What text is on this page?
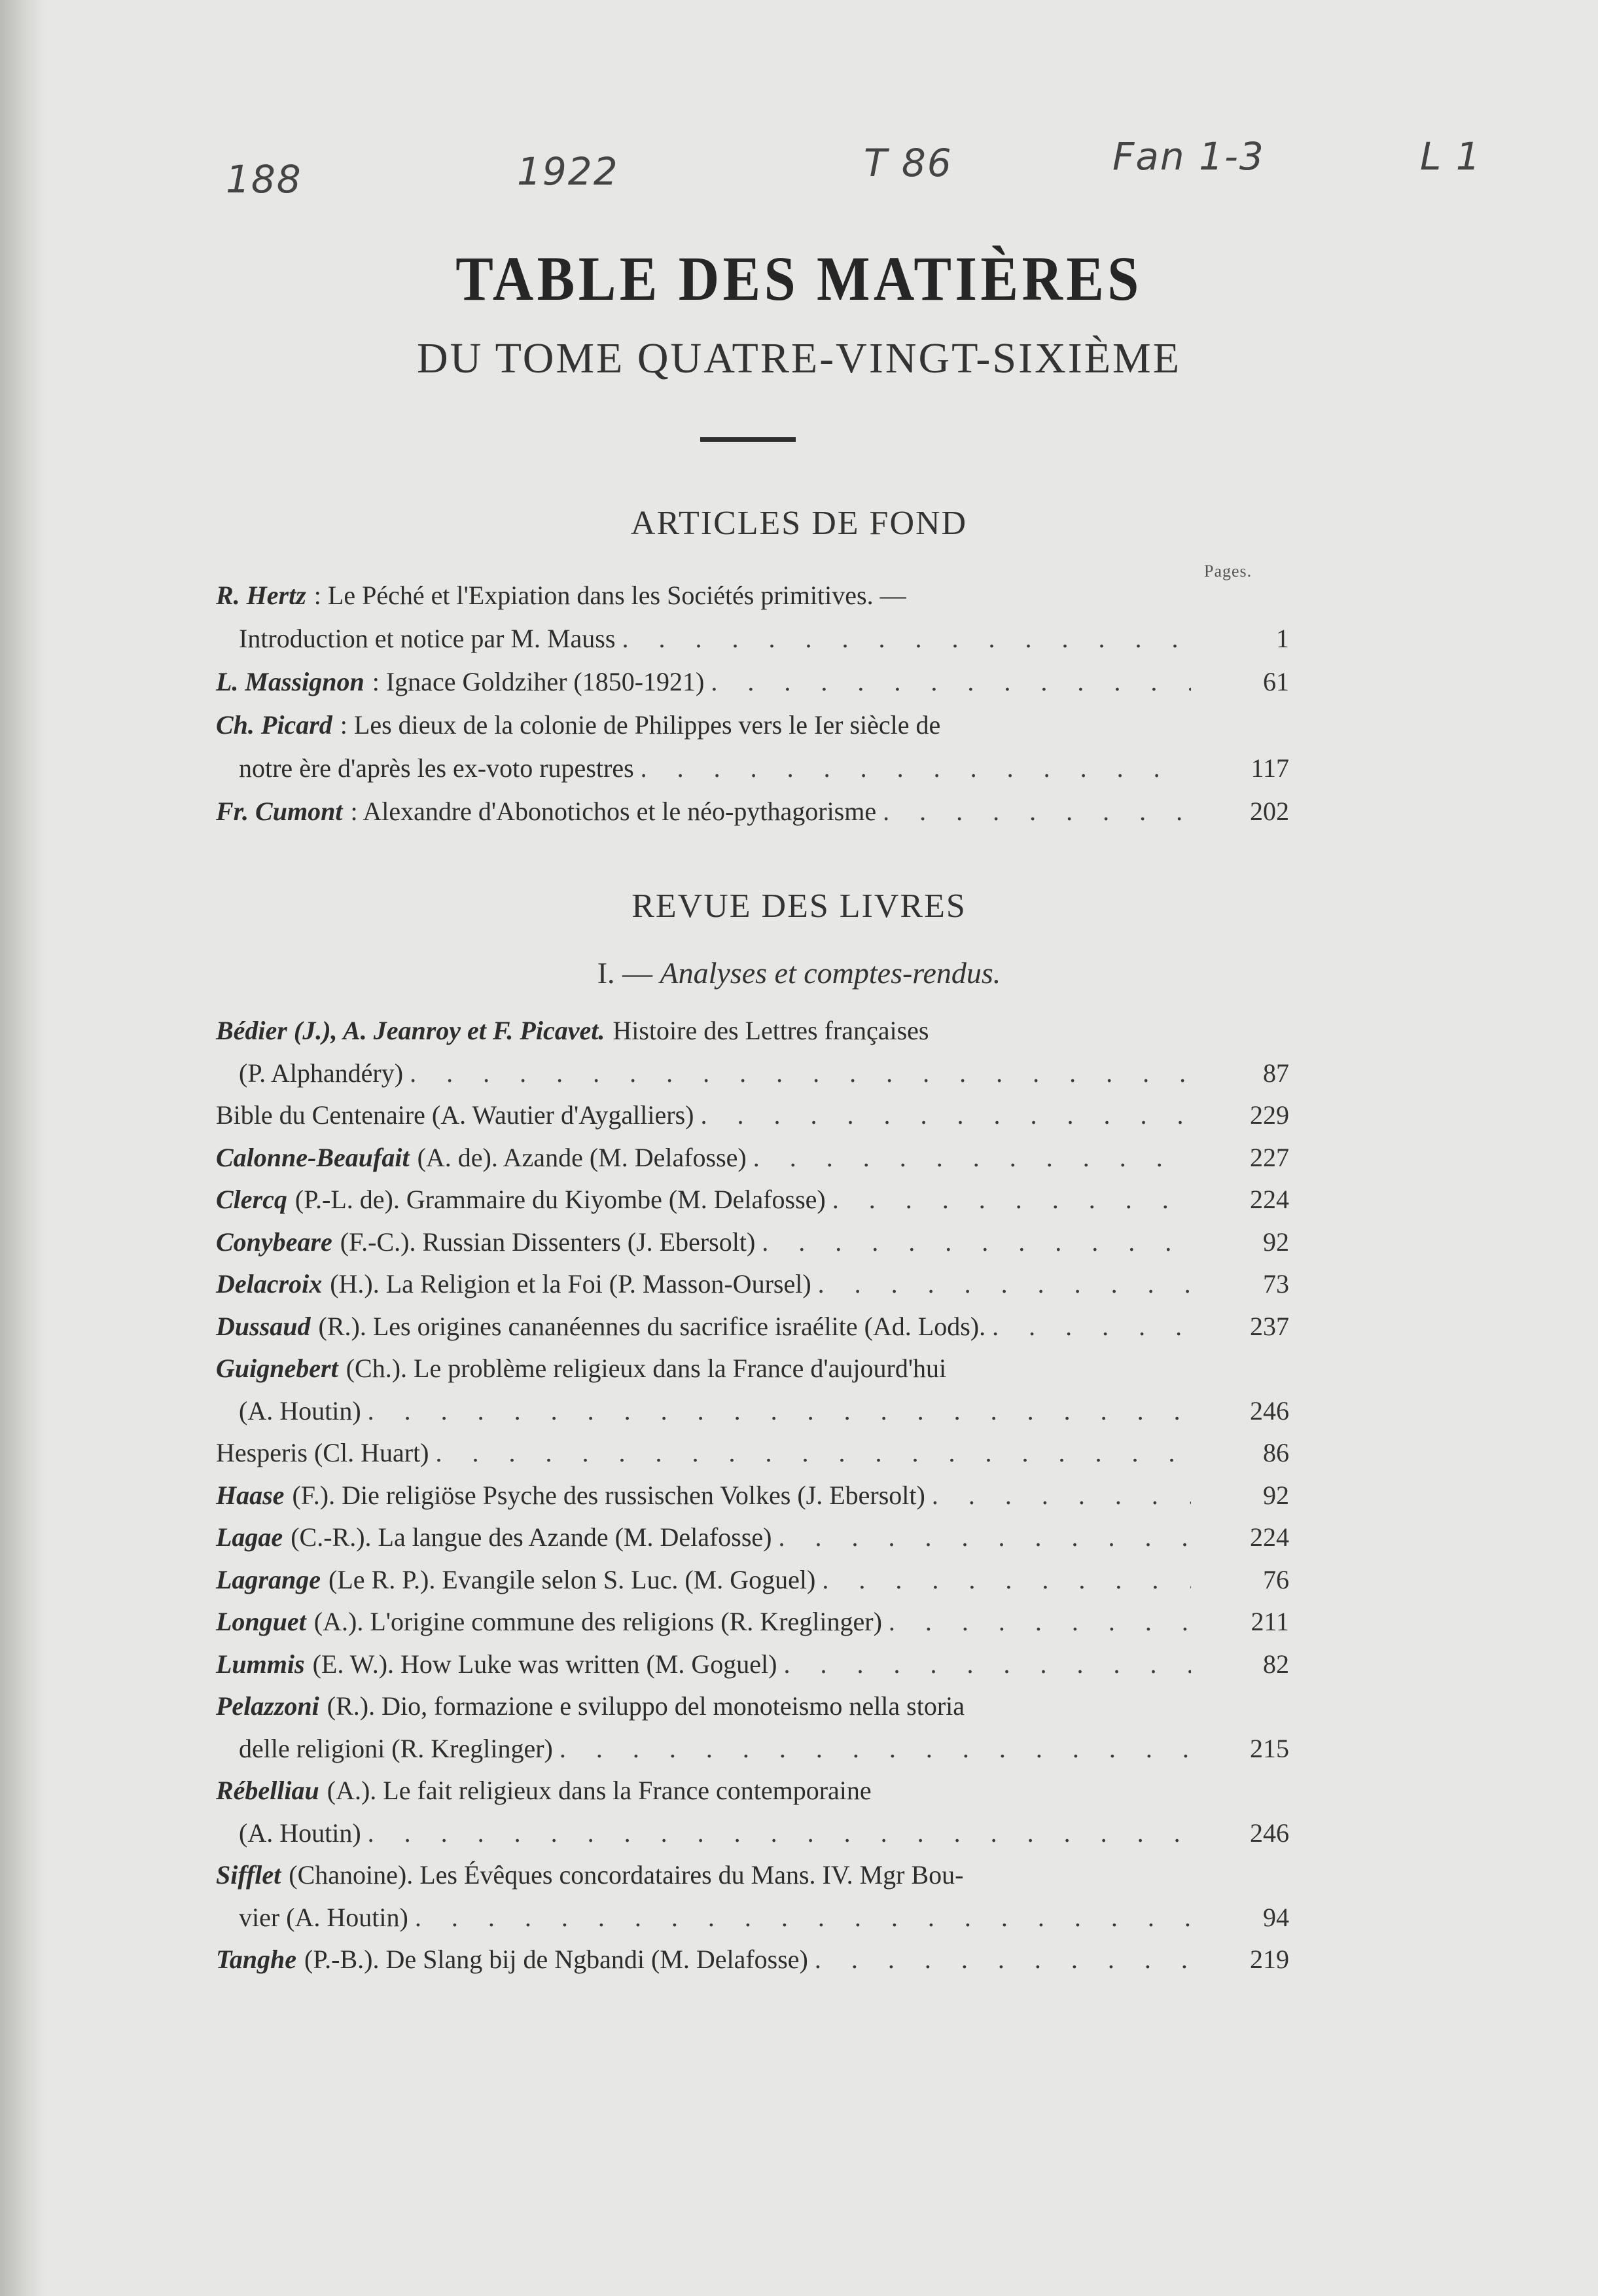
188	1922	T 86	Fan 1-3	L 1
TABLE DES MATIÈRES
DU TOME QUATRE-VINGT-SIXIÈME
ARTICLES DE FOND
Pages.
REVUE DES LIVRES
I. — Analyses et comptes-rendus.
R. Hertz : Le Péché et l'Expiation dans les Sociétés primitives. —
Introduction et notice par M. Mauss . . .	1
L. Massignon : Ignace Goldziher (1850-1921) . . .	61
Ch. Picard : Les dieux de la colonie de Philippes vers le Ier siècle de
notre ère d'après les ex-voto rupestres . . .	117
Fr. Cumont : Alexandre d'Abonotichos et le néo-pythagorisme . . .	202
Bédier (J.), A. Jeanroy et F. Picavet. Histoire des Lettres françaises
(P. Alphandéry) . . .	87
Bible du Centenaire (A. Wautier d'Aygalliers) . . .	229
Calonne-Beaufait (A. de). Azande (M. Delafosse) . . .	227
Clercq (P.-L. de). Grammaire du Kiyombe (M. Delafosse) . . .	224
Conybeare (F.-C.). Russian Dissenters (J. Ebersolt) . . .	92
Delacroix (H.). La Religion et la Foi (P. Masson-Oursel) . . .	73
Dussaud (R.). Les origines cananéennes du sacrifice israélite (Ad. Lods). . . .	237
Guignebert (Ch.). Le problème religieux dans la France d'aujourd'hui
(A. Houtin) . . .	246
Hesperis (Cl. Huart) . . .	86
Haase (F.). Die religiöse Psyche des russischen Volkes (J. Ebersolt) . . .	92
Lagae (C.-R.). La langue des Azande (M. Delafosse) . . .	224
Lagrange (Le R. P.). Evangile selon S. Luc. (M. Goguel) . . .	76
Longuet (A.). L'origine commune des religions (R. Kreglinger) . . .	211
Lummis (E. W.). How Luke was written (M. Goguel) . . .	82
Pelazzoni (R.). Dio, formazione e sviluppo del monoteismo nella storia
delle religioni (R. Kreglinger) . . .	215
Rébelliau (A.). Le fait religieux dans la France contemporaine
(A. Houtin) . . .	246
Sifflet (Chanoine). Les Évêques concordataires du Mans. IV. Mgr Bou-
vier (A. Houtin) . . .	94
Tanghe (P.-B.). De Slang bij de Ngbandi (M. Delafosse) . . .	219
